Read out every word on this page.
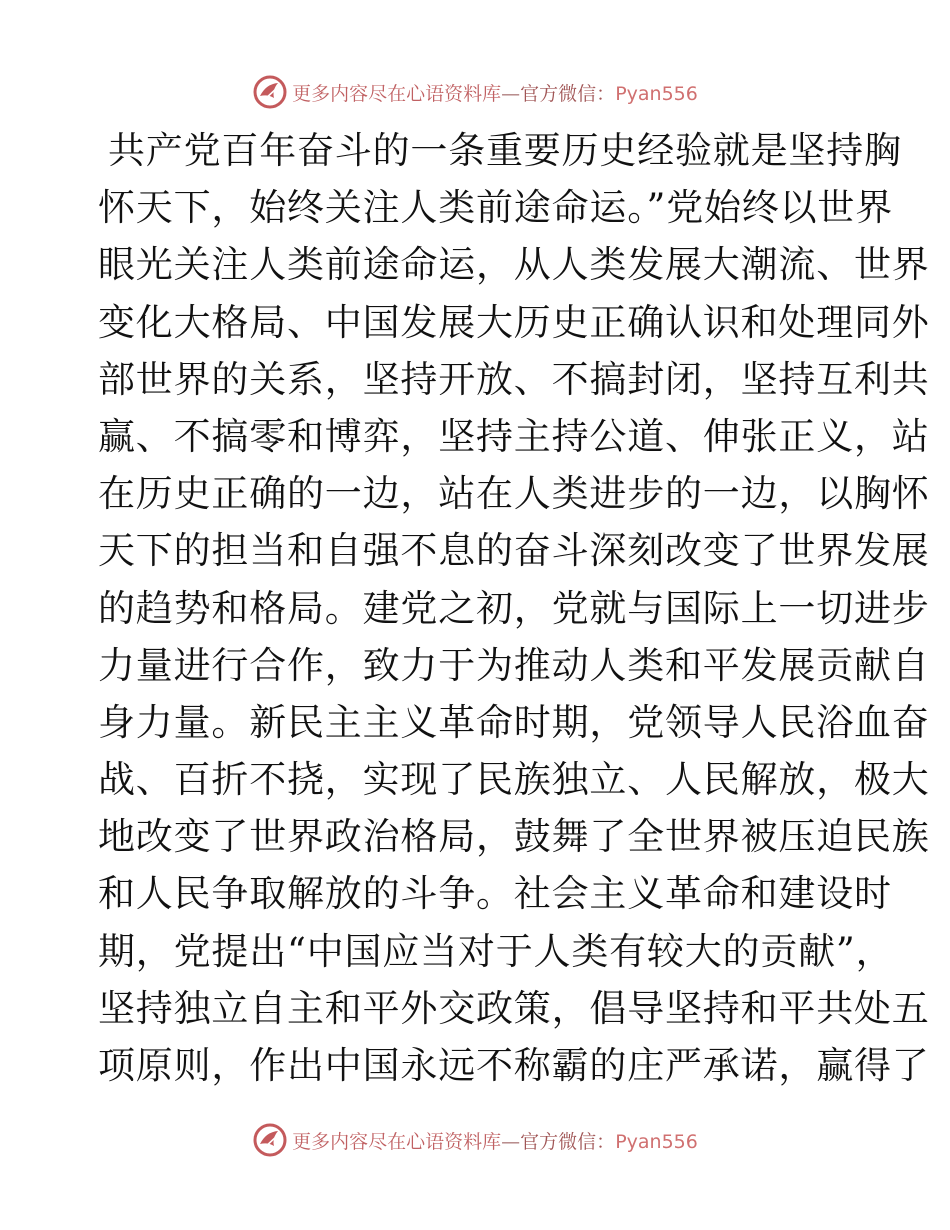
更多内容尽在心语资料库—官方微信：Pyan556
共产党百年奋斗的一条重要历史经验就是坚持胸
怀天下，始终关注人类前途命运。”党始终以世界
眼光关注人类前途命运，从人类发展大潮流、世界
变化大格局、中国发展大历史正确认识和处理同外
部世界的关系，坚持开放、不搞封闭，坚持互利共
赢、不搞零和博弈，坚持主持公道、伸张正义，站
在历史正确的一边，站在人类进步的一边，以胸怀
天下的担当和自强不息的奋斗深刻改变了世界发展
的趋势和格局。建党之初，党就与国际上一切进步
力量进行合作，致力于为推动人类和平发展贡献自
身力量。新民主主义革命时期，党领导人民浴血奋
战、百折不挠，实现了民族独立、人民解放，极大
地改变了世界政治格局，鼓舞了全世界被压迫民族
和人民争取解放的斗争。社会主义革命和建设时
期，党提出“中国应当对于人类有较大的贡献”，
坚持独立自主和平外交政策，倡导坚持和平共处五
项原则，作出中国永远不称霸的庄严承诺，赢得了
更多内容尽在心语资料库—官方微信：Pyan556
